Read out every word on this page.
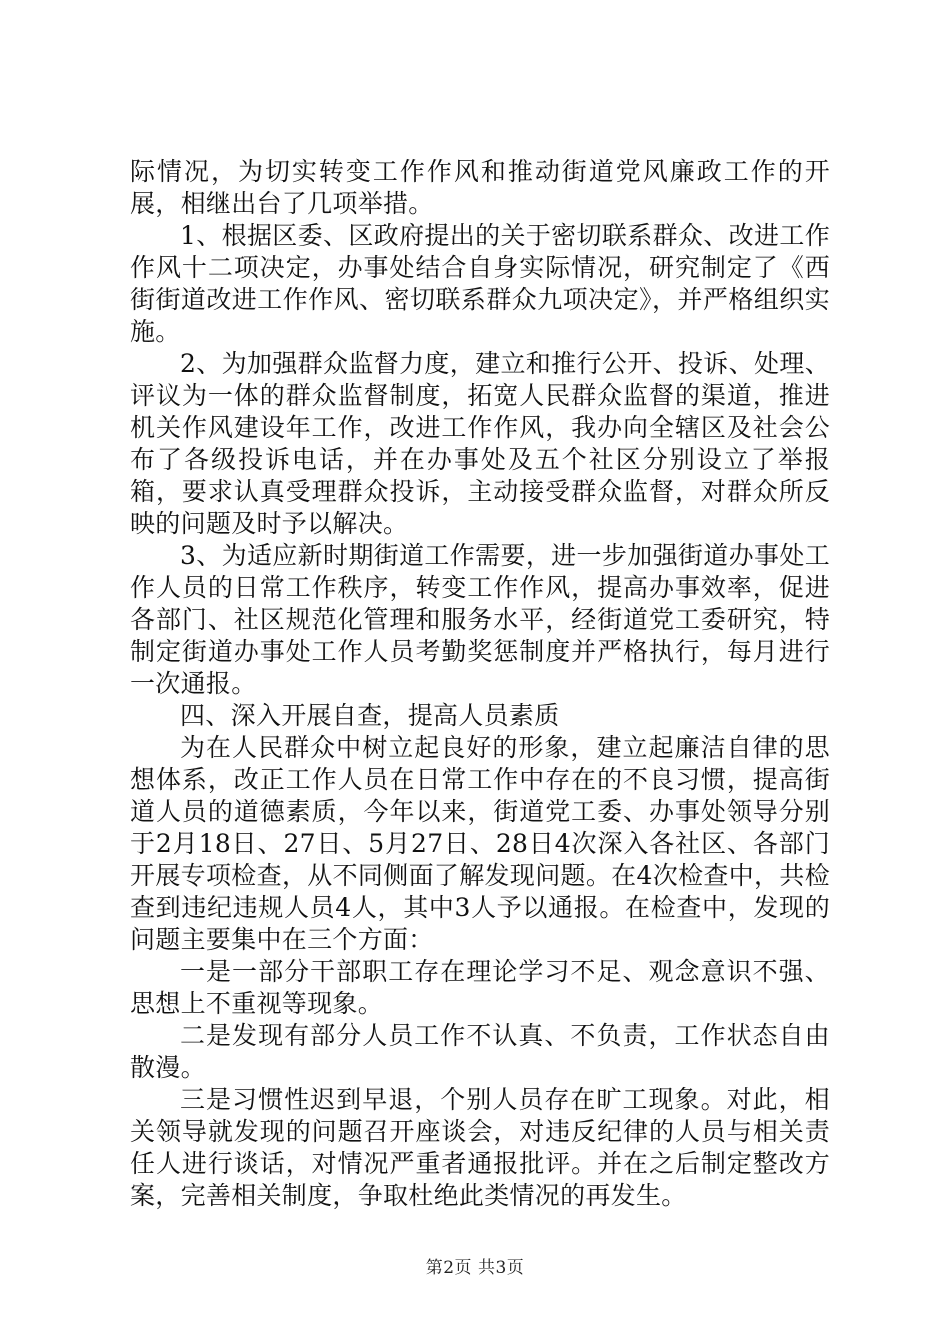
际情况，为切实转变工作作风和推动街道党风廉政工作的开展，相继出台了几项举措。

1、根据区委、区政府提出的关于密切联系群众、改进工作作风十二项决定，办事处结合自身实际情况，研究制定了《西街街道改进工作作风、密切联系群众九项决定》，并严格组织实施。

2、为加强群众监督力度，建立和推行公开、投诉、处理、评议为一体的群众监督制度，拓宽人民群众监督的渠道，推进机关作风建设年工作，改进工作作风，我办向全辖区及社会公布了各级投诉电话，并在办事处及五个社区分别设立了举报箱，要求认真受理群众投诉，主动接受群众监督，对群众所反映的问题及时予以解决。

3、为适应新时期街道工作需要，进一步加强街道办事处工作人员的日常工作秩序，转变工作作风，提高办事效率，促进各部门、社区规范化管理和服务水平，经街道党工委研究，特制定街道办事处工作人员考勤奖惩制度并严格执行，每月进行一次通报。

四、深入开展自查，提高人员素质

为在人民群众中树立起良好的形象，建立起廉洁自律的思想体系，改正工作人员在日常工作中存在的不良习惯，提高街道人员的道德素质，今年以来，街道党工委、办事处领导分别于2月18日、27日、5月27日、28日4次深入各社区、各部门开展专项检查，从不同侧面了解发现问题。在4次检查中，共检查到违纪违规人员4人，其中3人予以通报。在检查中，发现的问题主要集中在三个方面：

一是一部分干部职工存在理论学习不足、观念意识不强、思想上不重视等现象。

二是发现有部分人员工作不认真、不负责，工作状态自由散漫。

三是习惯性迟到早退，个别人员存在旷工现象。对此，相关领导就发现的问题召开座谈会，对违反纪律的人员与相关责任人进行谈话，对情况严重者通报批评。并在之后制定整改方案，完善相关制度，争取杜绝此类情况的再发生。

第2页 共3页
